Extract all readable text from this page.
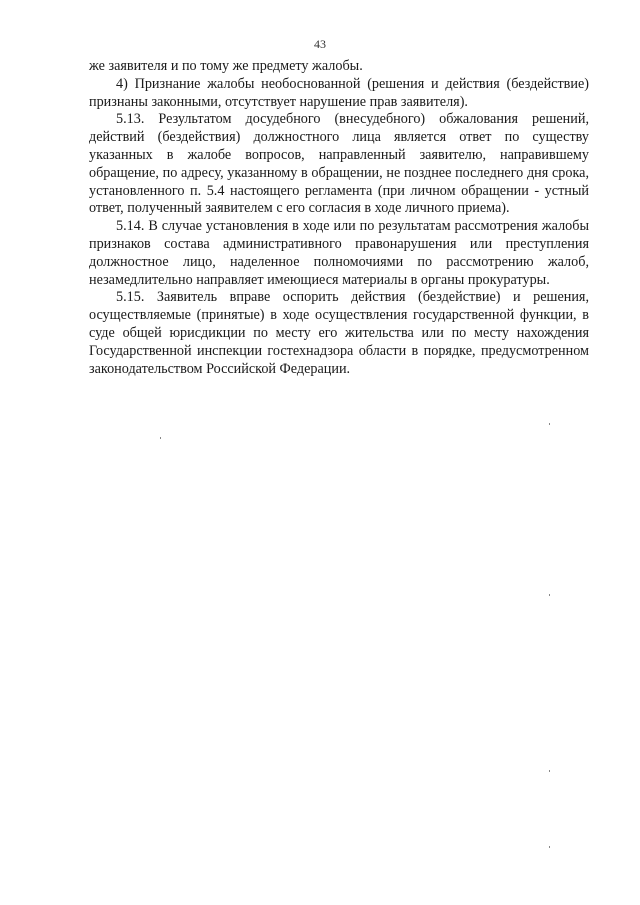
43

же заявителя и по тому же предмету жалобы.

4) Признание жалобы необоснованной (решения и действия (бездействие) признаны законными, отсутствует нарушение прав заявителя).

5.13. Результатом досудебного (внесудебного) обжалования решений, действий (бездействия) должностного лица является ответ по существу указанных в жалобе вопросов, направленный заявителю, направившему обращение, по адресу, указанному в обращении, не позднее последнего дня срока, установленного п. 5.4 настоящего регламента (при личном обращении - устный ответ, полученный заявителем с его согласия в ходе личного приема).

5.14. В случае установления в ходе или по результатам рассмотрения жалобы признаков состава административного правонарушения или преступления должностное лицо, наделенное полномочиями по рассмотрению жалоб, незамедлительно направляет имеющиеся материалы в органы прокуратуры.

5.15. Заявитель вправе оспорить действия (бездействие) и решения, осуществляемые (принятые) в ходе осуществления государственной функции, в суде общей юрисдикции по месту его жительства или по месту нахождения Государственной инспекции гостехнадзора области в порядке, предусмотренном законодательством Российской Федерации.
